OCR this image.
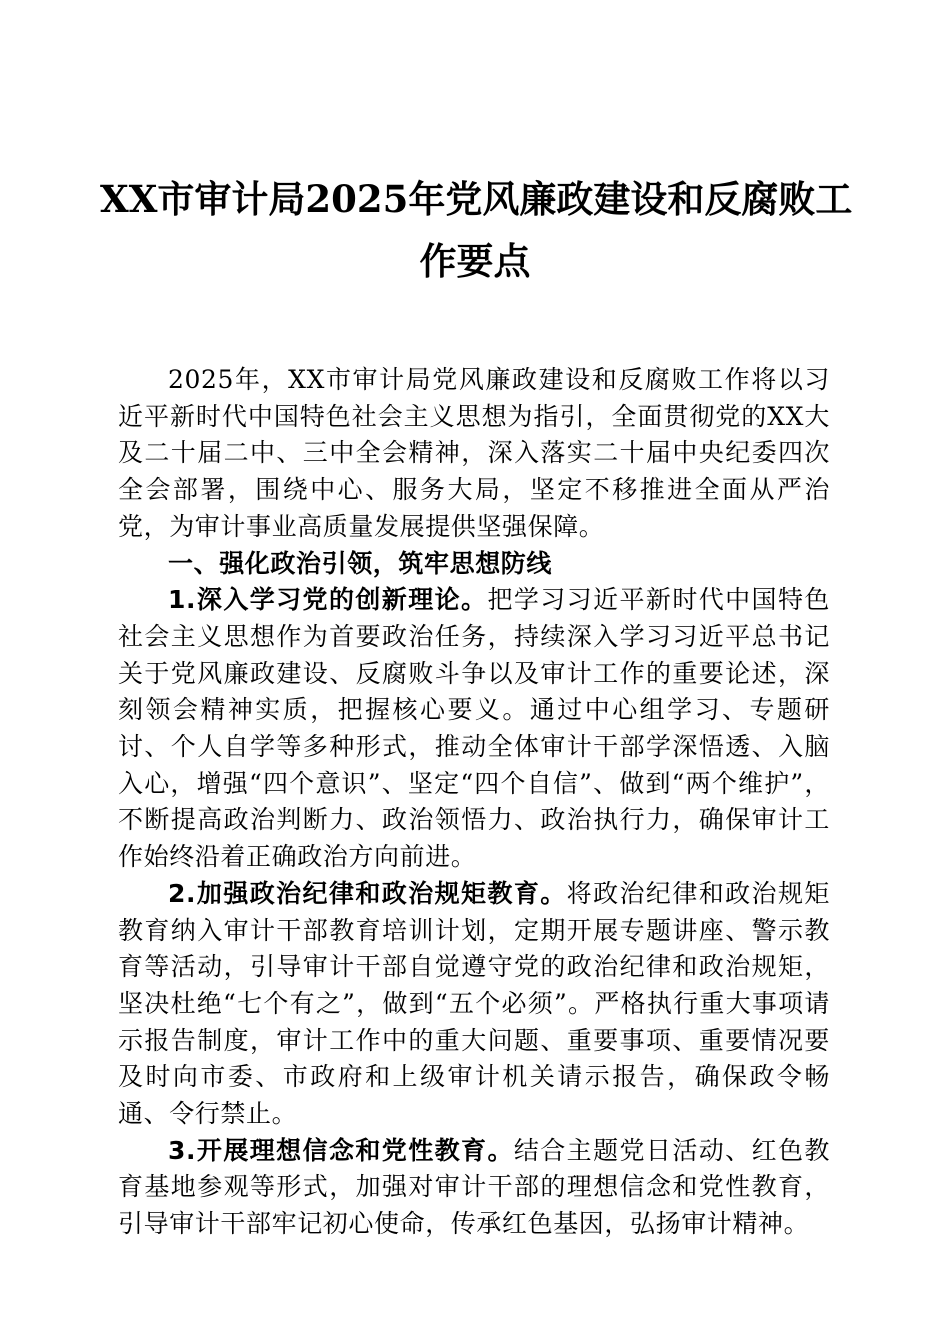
XX市审计局2025年党风廉政建设和反腐败工
作要点

2025年，XX市审计局党风廉政建设和反腐败工作将以习近平新时代中国特色社会主义思想为指引，全面贯彻党的XX大及二十届二中、三中全会精神，深入落实二十届中央纪委四次全会部署，围绕中心、服务大局，坚定不移推进全面从严治党，为审计事业高质量发展提供坚强保障。

一、强化政治引领，筑牢思想防线

1.深入学习党的创新理论。把学习习近平新时代中国特色社会主义思想作为首要政治任务，持续深入学习习近平总书记关于党风廉政建设、反腐败斗争以及审计工作的重要论述，深刻领会精神实质，把握核心要义。通过中心组学习、专题研讨、个人自学等多种形式，推动全体审计干部学深悟透、入脑入心，增强“四个意识”、坚定“四个自信”、做到“两个维护”，不断提高政治判断力、政治领悟力、政治执行力，确保审计工作始终沿着正确政治方向前进。

2.加强政治纪律和政治规矩教育。将政治纪律和政治规矩教育纳入审计干部教育培训计划，定期开展专题讲座、警示教育等活动，引导审计干部自觉遵守党的政治纪律和政治规矩，坚决杜绝“七个有之”，做到“五个必须”。严格执行重大事项请示报告制度，审计工作中的重大问题、重要事项、重要情况要及时向市委、市政府和上级审计机关请示报告，确保政令畅通、令行禁止。

3.开展理想信念和党性教育。结合主题党日活动、红色教育基地参观等形式，加强对审计干部的理想信念和党性教育，引导审计干部牢记初心使命，传承红色基因，弘扬审计精神。
